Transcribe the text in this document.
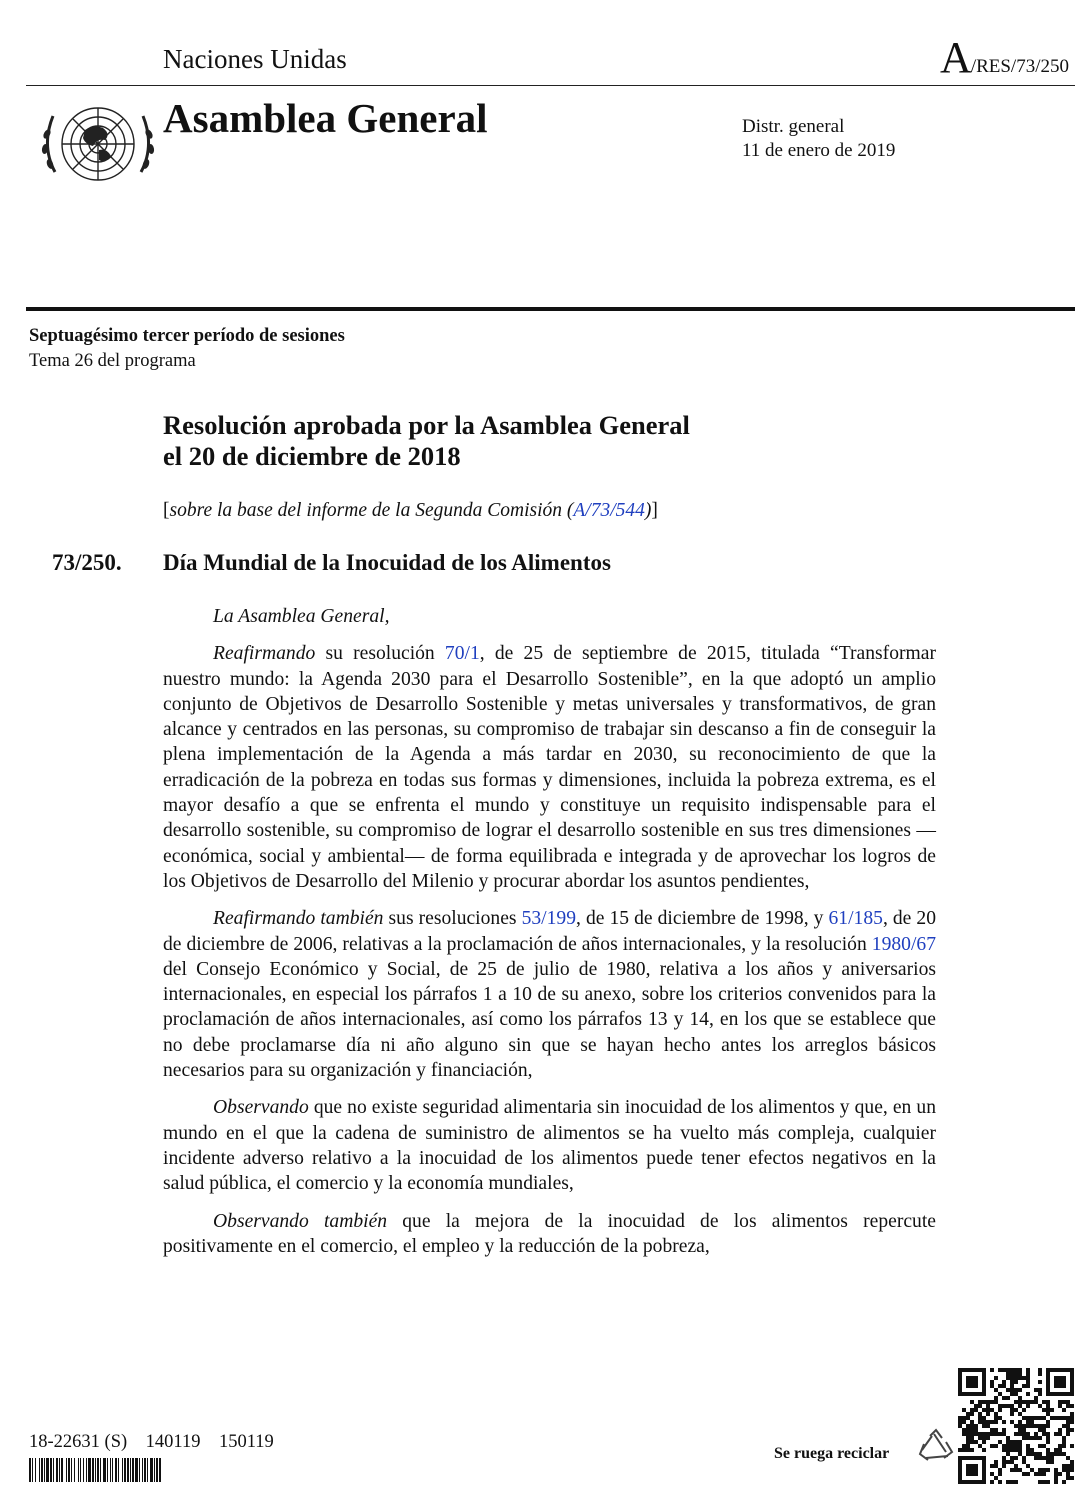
Naciones Unidas	A/RES/73/250
Asamblea General	Distr. general
11 de enero de 2019
Septuagésimo tercer período de sesiones
Tema 26 del programa
Resolución aprobada por la Asamblea General
el 20 de diciembre de 2018
[sobre la base del informe de la Segunda Comisión (A/73/544)]
73/250. Día Mundial de la Inocuidad de los Alimentos

La Asamblea General,

Reafirmando su resolución 70/1, de 25 de septiembre de 2015, titulada “Transformar nuestro mundo: la Agenda 2030 para el Desarrollo Sostenible”, en la que adoptó un amplio conjunto de Objetivos de Desarrollo Sostenible y metas universales y transformativos, de gran alcance y centrados en las personas, su compromiso de trabajar sin descanso a fin de conseguir la plena implementación de la Agenda a más tardar en 2030, su reconocimiento de que la erradicación de la pobreza en todas sus formas y dimensiones, incluida la pobreza extrema, es el mayor desafío a que se enfrenta el mundo y constituye un requisito indispensable para el desarrollo sostenible, su compromiso de lograr el desarrollo sostenible en sus tres dimensiones —económica, social y ambiental— de forma equilibrada e integrada y de aprovechar los logros de los Objetivos de Desarrollo del Milenio y procurar abordar los asuntos pendientes,

Reafirmando también sus resoluciones 53/199, de 15 de diciembre de 1998, y 61/185, de 20 de diciembre de 2006, relativas a la proclamación de años internacionales, y la resolución 1980/67 del Consejo Económico y Social, de 25 de julio de 1980, relativa a los años y aniversarios internacionales, en especial los párrafos 1 a 10 de su anexo, sobre los criterios convenidos para la proclamación de años internacionales, así como los párrafos 13 y 14, en los que se establece que no debe proclamarse día ni año alguno sin que se hayan hecho antes los arreglos básicos necesarios para su organización y financiación,

Observando que no existe seguridad alimentaria sin inocuidad de los alimentos y que, en un mundo en el que la cadena de suministro de alimentos se ha vuelto más compleja, cualquier incidente adverso relativo a la inocuidad de los alimentos puede tener efectos negativos en la salud pública, el comercio y la economía mundiales,

Observando también que la mejora de la inocuidad de los alimentos repercute positivamente en el comercio, el empleo y la reducción de la pobreza,

18-22631 (S)    140119    150119
Se ruega reciclar
